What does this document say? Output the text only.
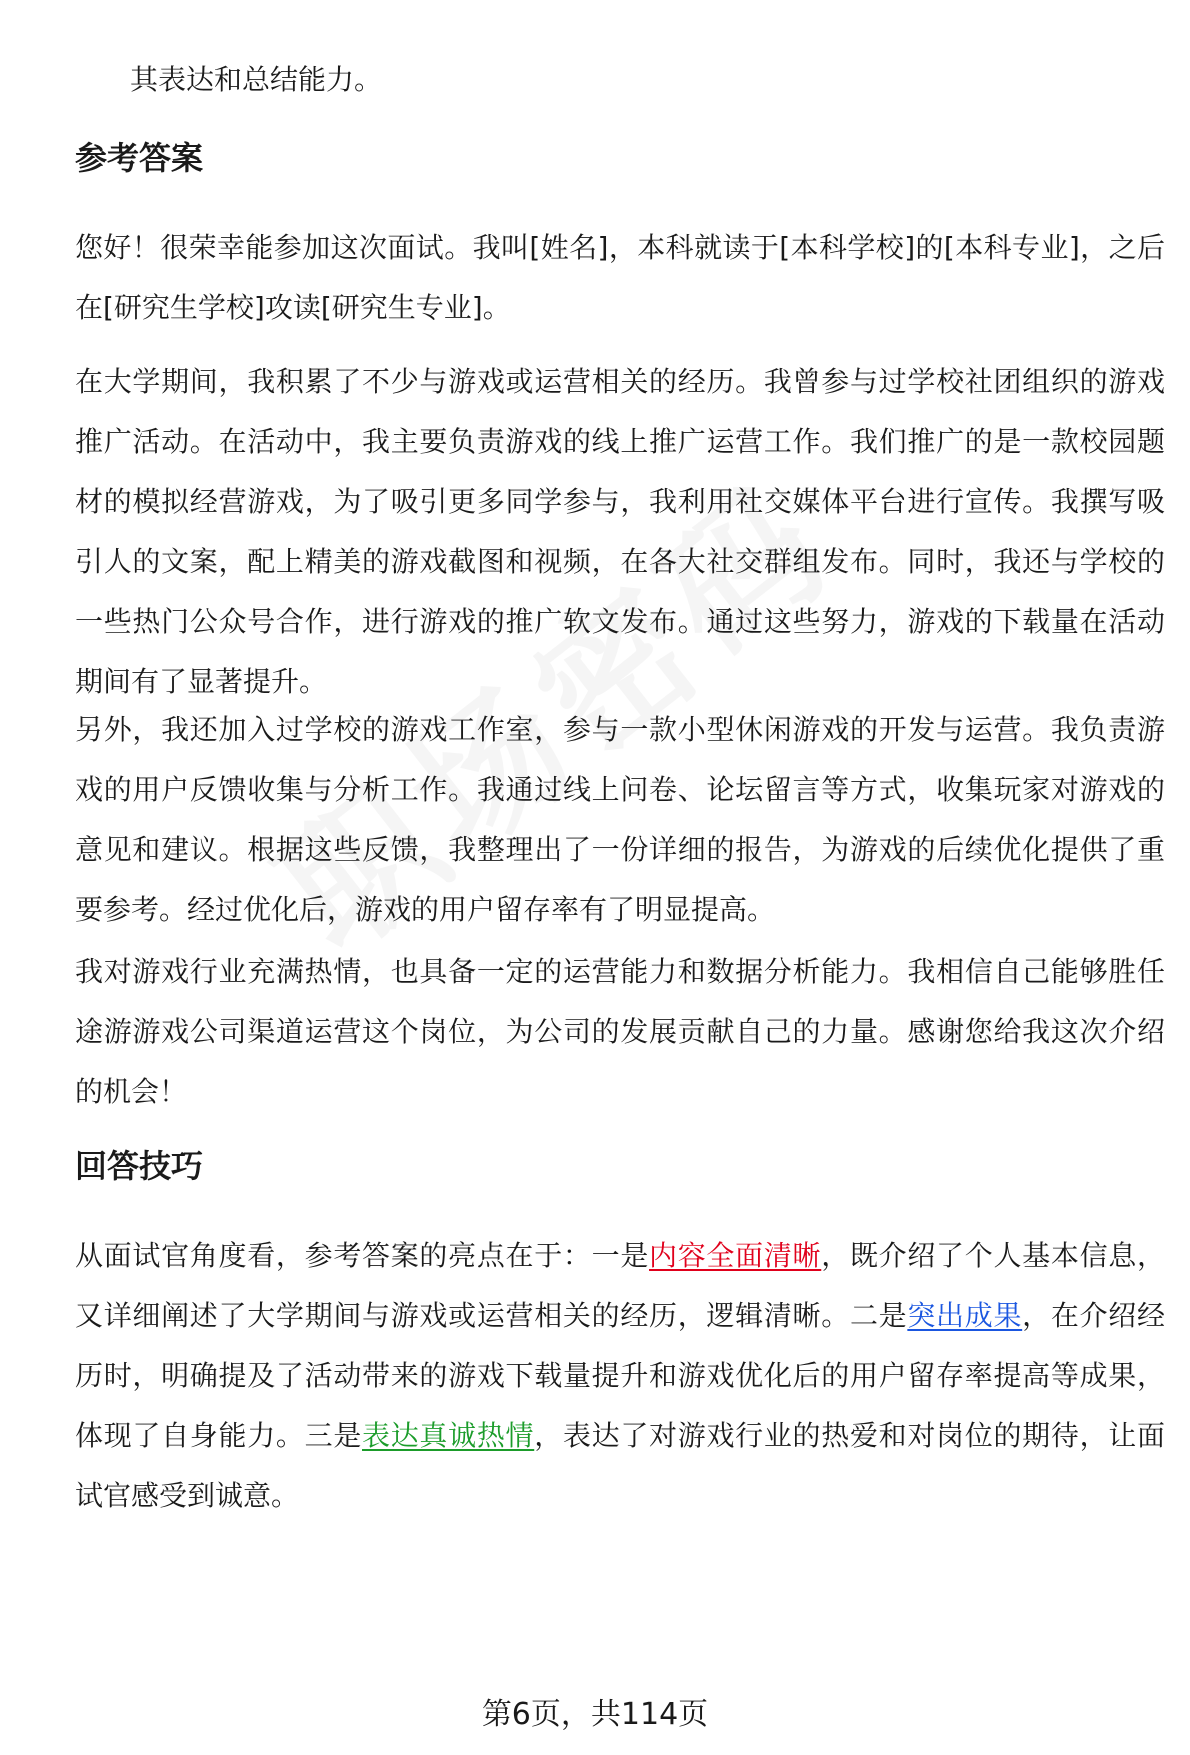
其表达和总结能力。

参考答案

您好！很荣幸能参加这次面试。我叫[姓名]，本科就读于[本科学校]的[本科专业]，之后在[研究生学校]攻读[研究生专业]。

在大学期间，我积累了不少与游戏或运营相关的经历。我曾参与过学校社团组织的游戏推广活动。在活动中，我主要负责游戏的线上推广运营工作。我们推广的是一款校园题材的模拟经营游戏，为了吸引更多同学参与，我利用社交媒体平台进行宣传。我撰写吸引人的文案，配上精美的游戏截图和视频，在各大社交群组发布。同时，我还与学校的一些热门公众号合作，进行游戏的推广软文发布。通过这些努力，游戏的下载量在活动期间有了显著提升。

另外，我还加入过学校的游戏工作室，参与一款小型休闲游戏的开发与运营。我负责游戏的用户反馈收集与分析工作。我通过线上问卷、论坛留言等方式，收集玩家对游戏的意见和建议。根据这些反馈，我整理出了一份详细的报告，为游戏的后续优化提供了重要参考。经过优化后，游戏的用户留存率有了明显提高。

我对游戏行业充满热情，也具备一定的运营能力和数据分析能力。我相信自己能够胜任途游游戏公司渠道运营这个岗位，为公司的发展贡献自己的力量。感谢您给我这次介绍的机会！

回答技巧

从面试官角度看，参考答案的亮点在于：一是内容全面清晰，既介绍了个人基本信息，又详细阐述了大学期间与游戏或运营相关的经历，逻辑清晰。二是突出成果，在介绍经历时，明确提及了活动带来的游戏下载量提升和游戏优化后的用户留存率提高等成果，体现了自身能力。三是表达真诚热情，表达了对游戏行业的热爱和对岗位的期待，让面试官感受到诚意。

第6页，共114页
